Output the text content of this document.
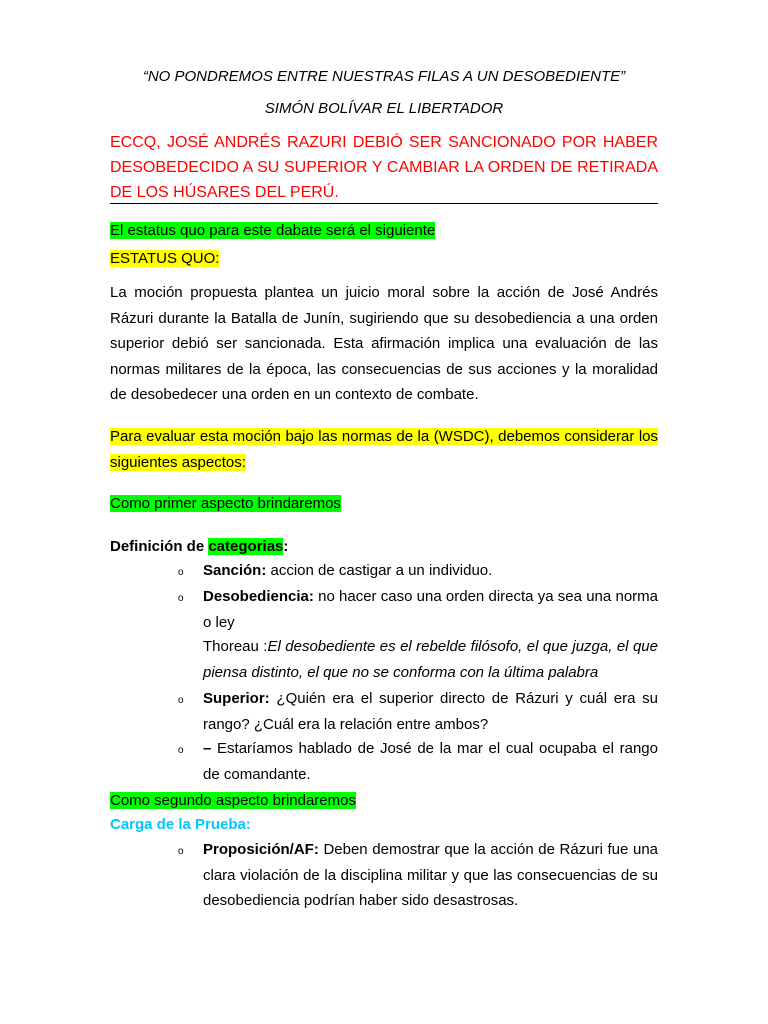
“NO PONDREMOS ENTRE NUESTRAS FILAS A UN DESOBEDIENTE”
SIMÓN BOLÍVAR EL LIBERTADOR
ECCQ, JOSÉ ANDRÉS RAZURI DEBIÓ SER SANCIONADO POR HABER DESOBEDECIDO A SU SUPERIOR Y CAMBIAR LA ORDEN DE RETIRADA DE LOS HÚSARES DEL PERÚ.
El estatus quo para este dabate será el siguiente
ESTATUS QUO:
La moción propuesta plantea un juicio moral sobre la acción de José Andrés Rázuri durante la Batalla de Junín, sugiriendo que su desobediencia a una orden superior debió ser sancionada. Esta afirmación implica una evaluación de las normas militares de la época, las consecuencias de sus acciones y la moralidad de desobedecer una orden en un contexto de combate.
Para evaluar esta moción bajo las normas de la (WSDC), debemos considerar los siguientes aspectos:
Como primer aspecto brindaremos
Definición de categorias:
o Sanción: accion de castigar a un individuo.
o Desobediencia: no hacer caso una orden directa ya sea una norma o ley
Thoreau :El desobediente es el rebelde filósofo, el que juzga, el que piensa distinto, el que no se conforma con la última palabra
o Superior: ¿Quién era el superior directo de Rázuri y cuál era su rango? ¿Cuál era la relación entre ambos?
o – Estaríamos hablado de José de la mar el cual ocupaba el rango de comandante.
Como segundo aspecto brindaremos
Carga de la Prueba:
o Proposición/AF: Deben demostrar que la acción de Rázuri fue una clara violación de la disciplina militar y que las consecuencias de su desobediencia podrían haber sido desastrosas.
